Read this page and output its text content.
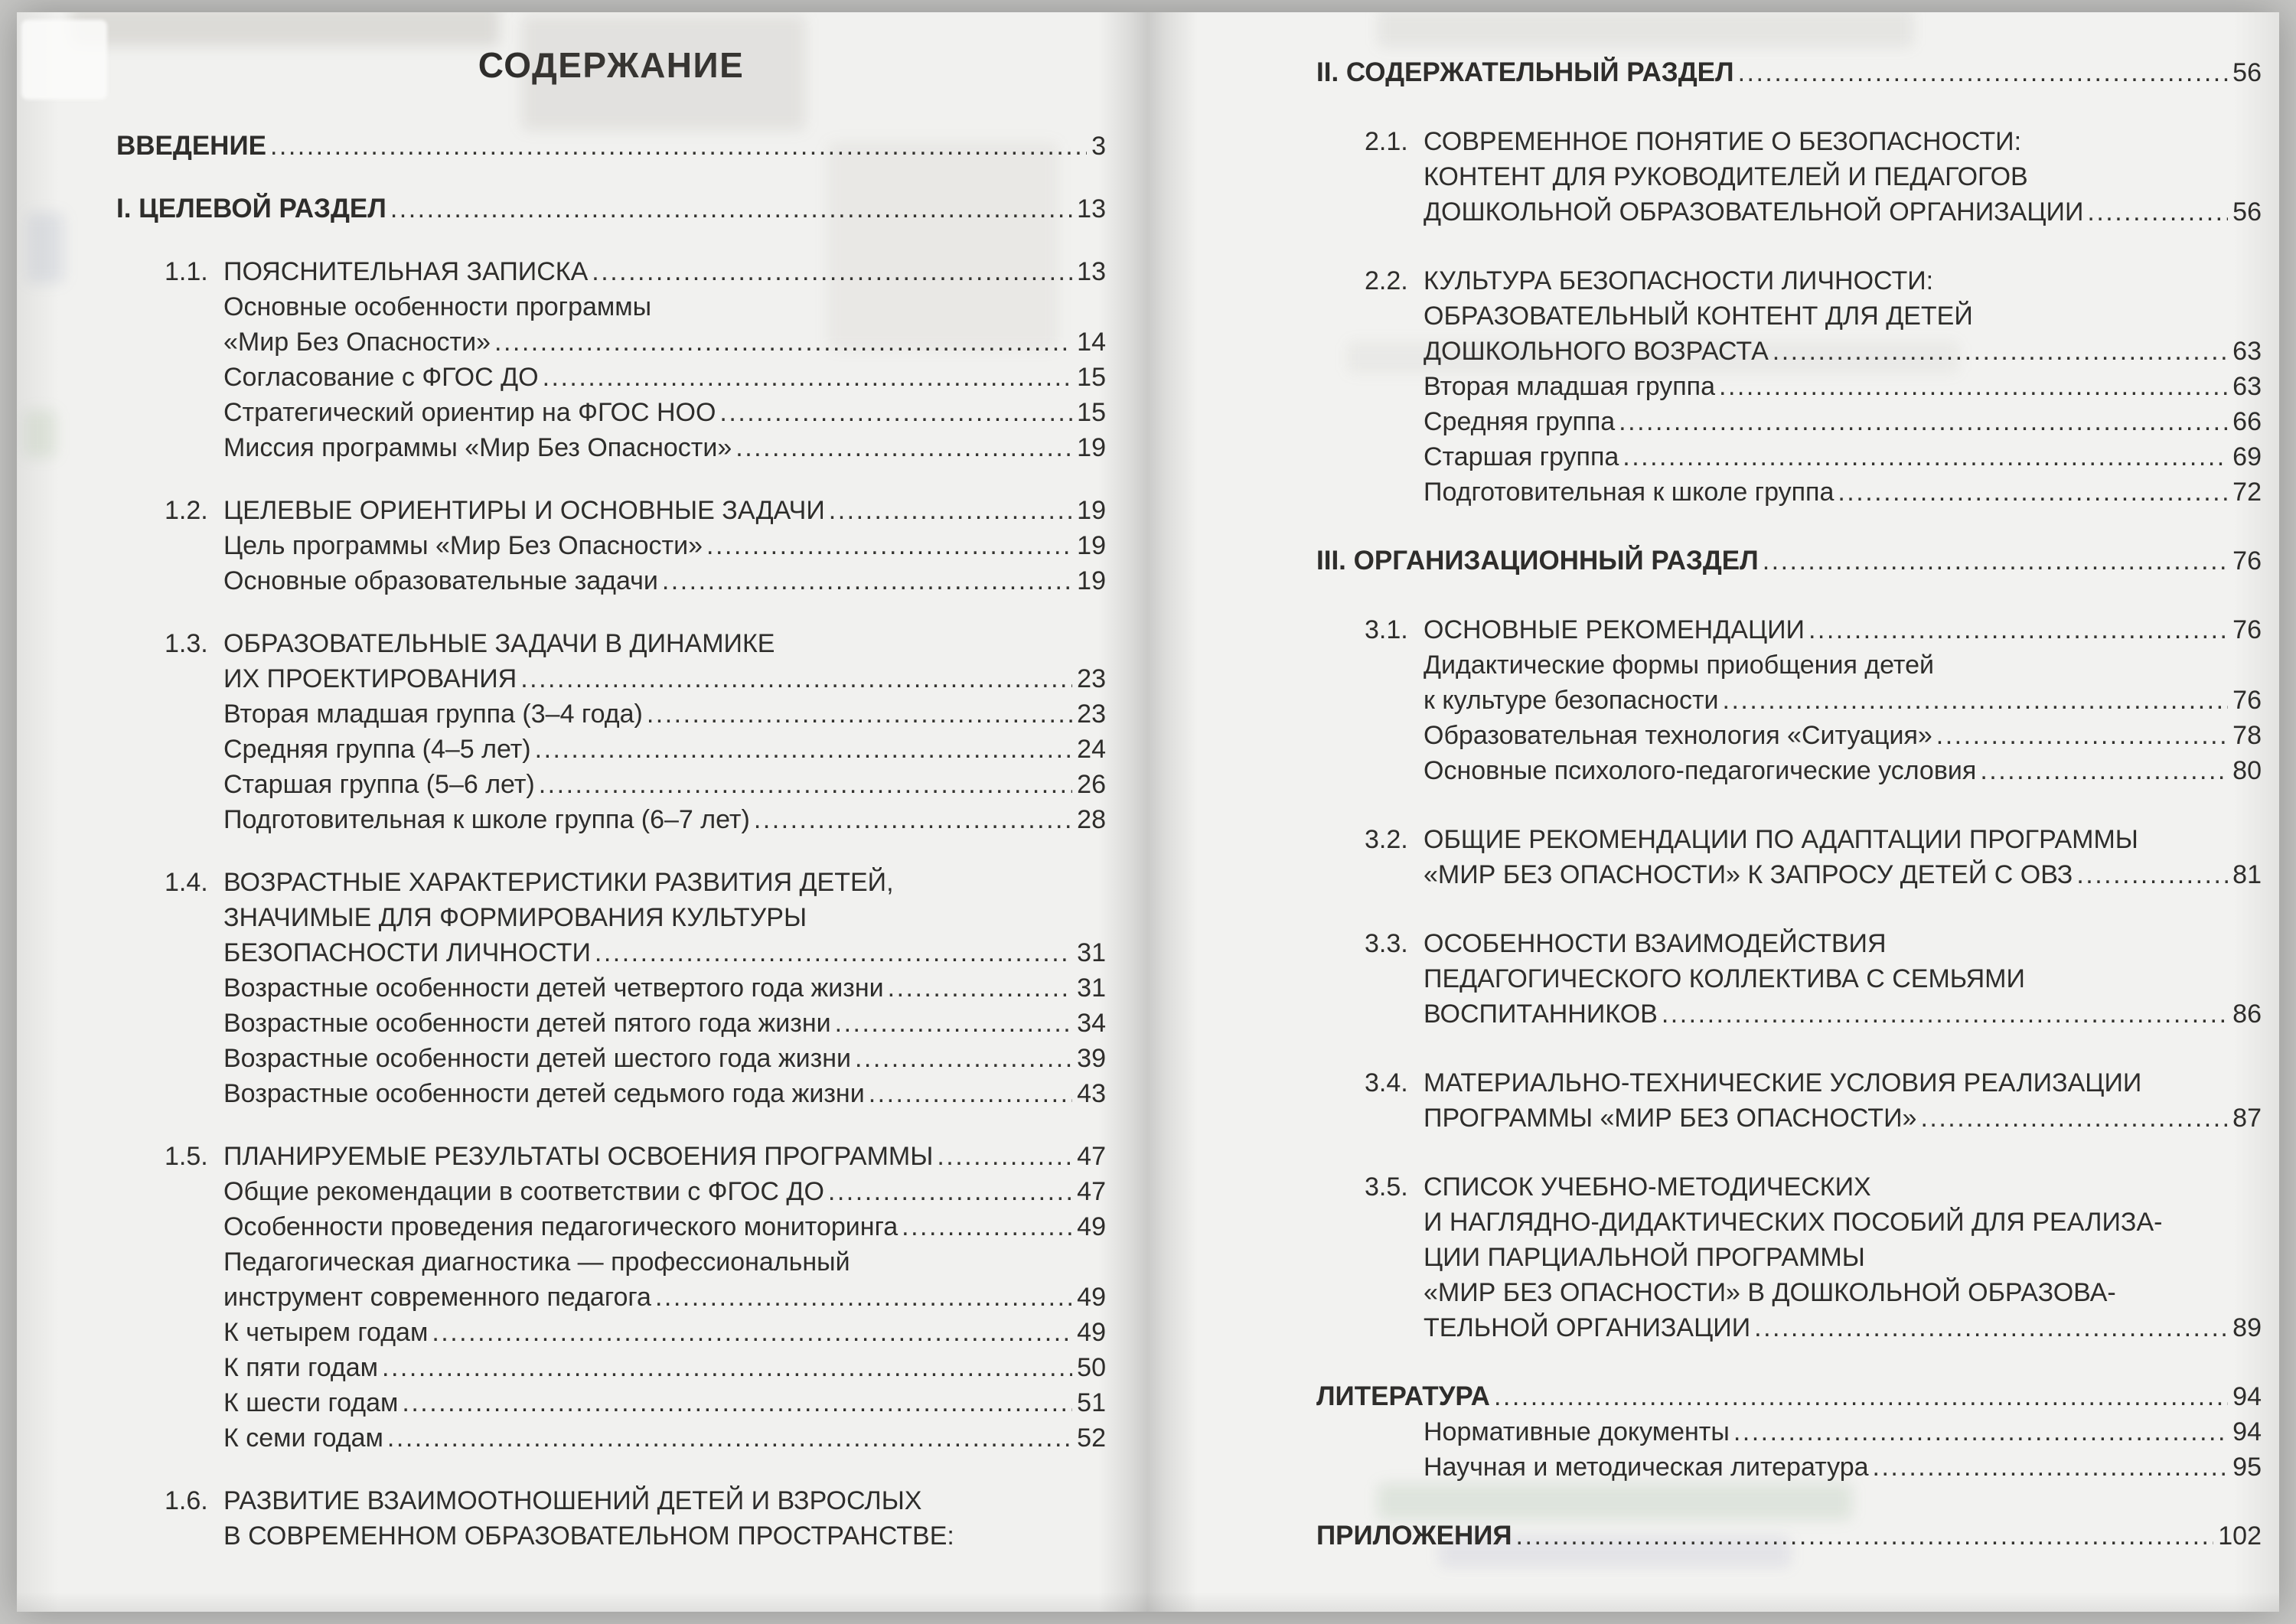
СОДЕРЖАНИЕ
ВВЕДЕНИЕ .....	3
I. ЦЕЛЕВОЙ РАЗДЕЛ .....	13
1.1. ПОЯСНИТЕЛЬНАЯ ЗАПИСКА .....	13
Основные особенности программы
«Мир Без Опасности» .....	14
Согласование с ФГОС ДО .....	15
Стратегический ориентир на ФГОС НОО .....	15
Миссия программы «Мир Без Опасности» .....	19
1.2. ЦЕЛЕВЫЕ ОРИЕНТИРЫ И ОСНОВНЫЕ ЗАДАЧИ .....	19
Цель программы «Мир Без Опасности» .....	19
Основные образовательные задачи .....	19
1.3. ОБРАЗОВАТЕЛЬНЫЕ ЗАДАЧИ В ДИНАМИКЕ
ИХ ПРОЕКТИРОВАНИЯ .....	23
Вторая младшая группа (3–4 года) .....	23
Средняя группа (4–5 лет) .....	24
Старшая группа (5–6 лет) .....	26
Подготовительная к школе группа (6–7 лет) .....	28
1.4. ВОЗРАСТНЫЕ ХАРАКТЕРИСТИКИ РАЗВИТИЯ ДЕТЕЙ,
ЗНАЧИМЫЕ ДЛЯ ФОРМИРОВАНИЯ КУЛЬТУРЫ
БЕЗОПАСНОСТИ ЛИЧНОСТИ .....	31
Возрастные особенности детей четвертого года жизни .....	31
Возрастные особенности детей пятого года жизни .....	34
Возрастные особенности детей шестого года жизни .....	39
Возрастные особенности детей седьмого года жизни .....	43
1.5. ПЛАНИРУЕМЫЕ РЕЗУЛЬТАТЫ ОСВОЕНИЯ ПРОГРАММЫ .....	47
Общие рекомендации в соответствии с ФГОС ДО .....	47
Особенности проведения педагогического мониторинга .....	49
Педагогическая диагностика — профессиональный
инструмент современного педагога .....	49
К четырем годам .....	49
К пяти годам .....	50
К шести годам .....	51
К семи годам .....	52
1.6. РАЗВИТИЕ ВЗАИМООТНОШЕНИЙ ДЕТЕЙ И ВЗРОСЛЫХ
В СОВРЕМЕННОМ ОБРАЗОВАТЕЛЬНОМ ПРОСТРАНСТВЕ:
II. СОДЕРЖАТЕЛЬНЫЙ РАЗДЕЛ .....	56
2.1. СОВРЕМЕННОЕ ПОНЯТИЕ О БЕЗОПАСНОСТИ:
КОНТЕНТ ДЛЯ РУКОВОДИТЕЛЕЙ И ПЕДАГОГОВ
ДОШКОЛЬНОЙ ОБРАЗОВАТЕЛЬНОЙ ОРГАНИЗАЦИИ .....	56
2.2. КУЛЬТУРА БЕЗОПАСНОСТИ ЛИЧНОСТИ:
ОБРАЗОВАТЕЛЬНЫЙ КОНТЕНТ ДЛЯ ДЕТЕЙ
ДОШКОЛЬНОГО ВОЗРАСТА .....	63
Вторая младшая группа .....	63
Средняя группа .....	66
Старшая группа .....	69
Подготовительная к школе группа .....	72
III. ОРГАНИЗАЦИОННЫЙ РАЗДЕЛ .....	76
3.1. ОСНОВНЫЕ РЕКОМЕНДАЦИИ .....	76
Дидактические формы приобщения детей
к культуре безопасности .....	76
Образовательная технология «Ситуация» .....	78
Основные психолого-педагогические условия .....	80
3.2. ОБЩИЕ РЕКОМЕНДАЦИИ ПО АДАПТАЦИИ ПРОГРАММЫ
«МИР БЕЗ ОПАСНОСТИ» К ЗАПРОСУ ДЕТЕЙ С ОВЗ .....	81
3.3. ОСОБЕННОСТИ ВЗАИМОДЕЙСТВИЯ
ПЕДАГОГИЧЕСКОГО КОЛЛЕКТИВА С СЕМЬЯМИ
ВОСПИТАННИКОВ .....	86
3.4. МАТЕРИАЛЬНО-ТЕХНИЧЕСКИЕ УСЛОВИЯ РЕАЛИЗАЦИИ
ПРОГРАММЫ «МИР БЕЗ ОПАСНОСТИ» .....	87
3.5. СПИСОК УЧЕБНО-МЕТОДИЧЕСКИХ
И НАГЛЯДНО-ДИДАКТИЧЕСКИХ ПОСОБИЙ ДЛЯ РЕАЛИЗА-
ЦИИ ПАРЦИАЛЬНОЙ ПРОГРАММЫ
«МИР БЕЗ ОПАСНОСТИ» В ДОШКОЛЬНОЙ ОБРАЗОВА-
ТЕЛЬНОЙ ОРГАНИЗАЦИИ .....	89
ЛИТЕРАТУРА .....	94
Нормативные документы .....	94
Научная и методическая литература .....	95
ПРИЛОЖЕНИЯ .....	102
